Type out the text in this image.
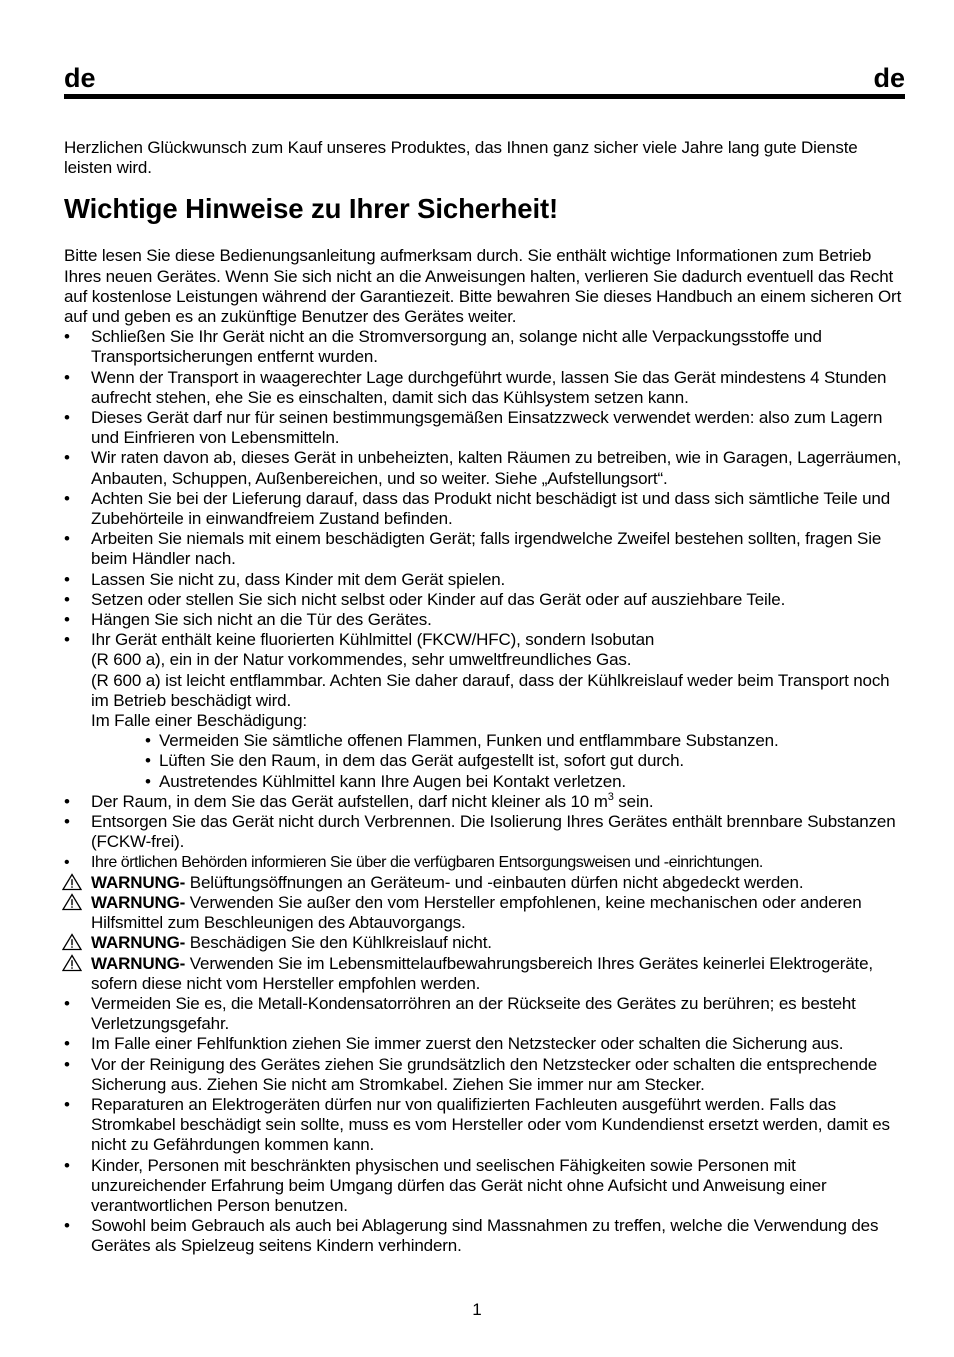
de	de

Herzlichen Glückwunsch zum Kauf unseres Produktes, das Ihnen ganz sicher viele Jahre lang gute Dienste leisten wird.

Wichtige Hinweise zu Ihrer Sicherheit!

Bitte lesen Sie diese Bedienungsanleitung aufmerksam durch. Sie enthält wichtige Informationen zum Betrieb Ihres neuen Gerätes. Wenn Sie sich nicht an die Anweisungen halten, verlieren Sie dadurch eventuell das Recht auf kostenlose Leistungen während der Garantiezeit. Bitte bewahren Sie dieses Handbuch an einem sicheren Ort auf und geben es an zukünftige Benutzer des Gerätes weiter.

•	Schließen Sie Ihr Gerät nicht an die Stromversorgung an, solange nicht alle Verpackungsstoffe und Transportsicherungen entfernt wurden.
•	Wenn der Transport in waagerechter Lage durchgeführt wurde, lassen Sie das Gerät mindestens 4 Stunden aufrecht stehen, ehe Sie es einschalten, damit sich das Kühlsystem setzen kann.
•	Dieses Gerät darf nur für seinen bestimmungsgemäßen Einsatzzweck verwendet werden: also zum Lagern und Einfrieren von Lebensmitteln.
•	Wir raten davon ab, dieses Gerät in unbeheizten, kalten Räumen zu betreiben, wie in Garagen, Lagerräumen, Anbauten, Schuppen, Außenbereichen, und so weiter. Siehe „Aufstellungsort“.
•	Achten Sie bei der Lieferung darauf, dass das Produkt nicht beschädigt ist und dass sich sämtliche Teile und Zubehörteile in einwandfreiem Zustand befinden.
•	Arbeiten Sie niemals mit einem beschädigten Gerät; falls irgendwelche Zweifel bestehen sollten, fragen Sie beim Händler nach.
•	Lassen Sie nicht zu, dass Kinder mit dem Gerät spielen.
•	Setzen oder stellen Sie sich nicht selbst oder Kinder auf das Gerät oder auf ausziehbare Teile.
•	Hängen Sie sich nicht an die Tür des Gerätes.
•	Ihr Gerät enthält keine fluorierten Kühlmittel (FKCW/HFC), sondern Isobutan
(R 600 a), ein in der Natur vorkommendes, sehr umweltfreundliches Gas.
(R 600 a) ist leicht entflammbar. Achten Sie daher darauf, dass der Kühlkreislauf weder beim Transport noch im Betrieb beschädigt wird.
Im Falle einer Beschädigung:
• Vermeiden Sie sämtliche offenen Flammen, Funken und entflammbare Substanzen.
• Lüften Sie den Raum, in dem das Gerät aufgestellt ist, sofort gut durch.
• Austretendes Kühlmittel kann Ihre Augen bei Kontakt verletzen.
•	Der Raum, in dem Sie das Gerät aufstellen, darf nicht kleiner als 10 $m^3$ sein.
•	Entsorgen Sie das Gerät nicht durch Verbrennen. Die Isolierung Ihres Gerätes enthält brennbare Substanzen (FCKW-frei).
•	Ihre örtlichen Behörden informieren Sie über die verfügbaren Entsorgungsweisen und -einrichtungen.
WARNUNG- Belüftungsöffnungen an Geräteum- und -einbauten dürfen nicht abgedeckt werden.
WARNUNG- Verwenden Sie außer den vom Hersteller empfohlenen, keine mechanischen oder anderen Hilfsmittel zum Beschleunigen des Abtauvorgangs.
WARNUNG- Beschädigen Sie den Kühlkreislauf nicht.
WARNUNG- Verwenden Sie im Lebensmittelaufbewahrungsbereich Ihres Gerätes keinerlei Elektrogeräte, sofern diese nicht vom Hersteller empfohlen werden.
•	Vermeiden Sie es, die Metall-Kondensatorröhren an der Rückseite des Gerätes zu berühren; es besteht Verletzungsgefahr.
•	Im Falle einer Fehlfunktion ziehen Sie immer zuerst den Netzstecker oder schalten die Sicherung aus.
•	Vor der Reinigung des Gerätes ziehen Sie grundsätzlich den Netzstecker oder schalten die entsprechende Sicherung aus. Ziehen Sie nicht am Stromkabel. Ziehen Sie immer nur am Stecker.
•	Reparaturen an Elektrogeräten dürfen nur von qualifizierten Fachleuten ausgeführt werden. Falls das Stromkabel beschädigt sein sollte, muss es vom Hersteller oder vom Kundendienst ersetzt werden, damit es nicht zu Gefährdungen kommen kann.
•	Kinder, Personen mit beschränkten physischen und seelischen Fähigkeiten sowie Personen mit unzureichender Erfahrung beim Umgang dürfen das Gerät nicht ohne Aufsicht und Anweisung einer verantwortlichen Person benutzen.
•	Sowohl beim Gebrauch als auch bei Ablagerung sind Massnahmen zu treffen, welche die Verwendung des Gerätes als Spielzeug seitens Kindern verhindern.
1
